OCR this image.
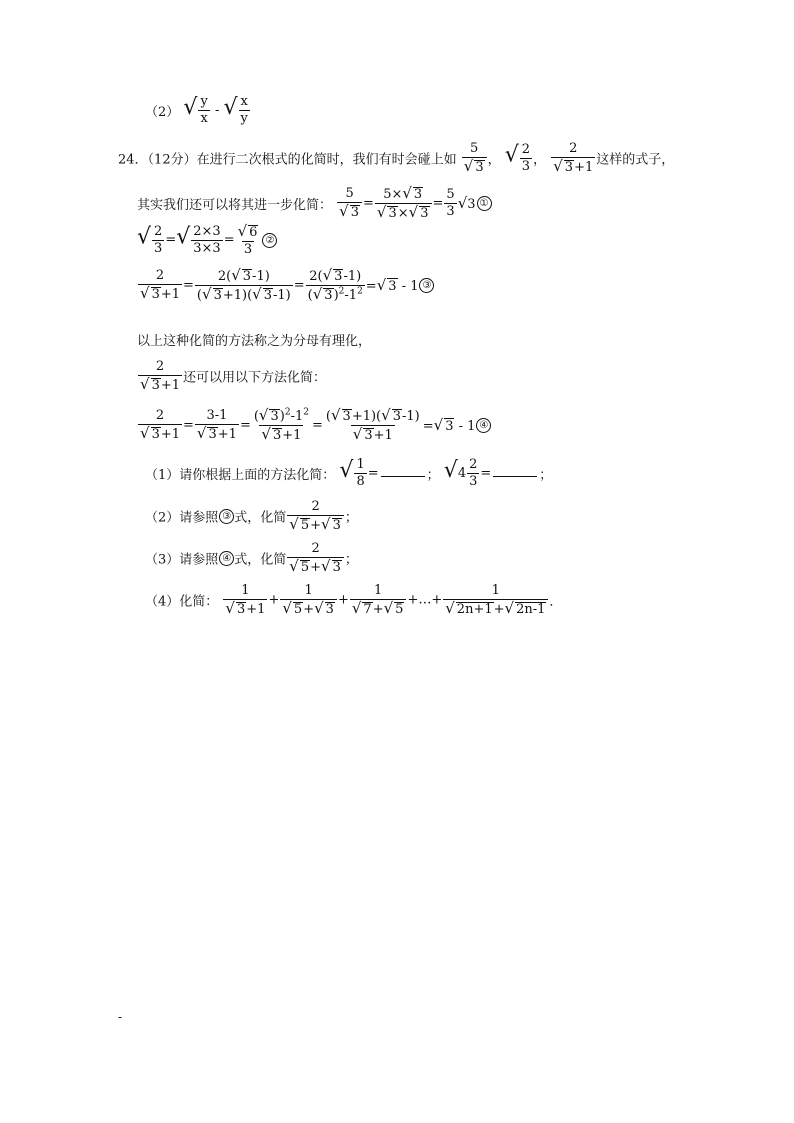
（2） √ $\frac{y}{x}$ - √ $\frac{x}{y}$
24．（12分）在进行二次根式的化简时，我们有时会碰上如 $\frac{5}{√ 3}$ ， √ $\frac{2}{3}$ ， $\frac{2}{√ 3+1}$ 这样的式子，
其实我们还可以将其进一步化简： $\frac{5}{√ 3} = \frac{5\times√ 3}{√ 3\times√ 3} = \frac{5}{3} √3$ ①
√ $\frac{2}{3}$ =√ $\frac{2\times 3}{3\times 3} = \frac{√ 6}{3}$ ②
$\frac{2}{√ 3+1} = \frac{2(√ 3-1)}{(√ 3+1)(√ 3-1)} = \frac{2(√ 3-1)}{(√ 3)^2-1^2}$ =√ 3 - 1 ③
以上这种化简的方法称之为分母有理化，
$\frac{2}{√ 3+1}$ 还可以用以下方法化简：
$\frac{2}{√ 3+1} = \frac{3-1}{√ 3+1} = \frac{(√ 3)^2-1^2}{√ 3+1} = \frac{(√ 3+1)(√ 3-1)}{√ 3+1}$ =√ 3 - 1 ④
（1）请你根据上面的方法化简： √ $\frac{1}{8}$ =	； $√4 \frac{2}{3}$ =	；
（2）请参照 ③ 式，化简 $\frac{2}{√ 5+√ 3}$ ；
（3）请参照 ④ 式，化简 $\frac{2}{√ 5+√ 3}$ ；
（4）化简： $\frac{1}{√ 3+1} + \frac{1}{√ 5+√ 3} + \frac{1}{√ 7+√ 5}$ +…+ $\frac{1}{√ 2n+1+√ 2n-1}$ ．
-
